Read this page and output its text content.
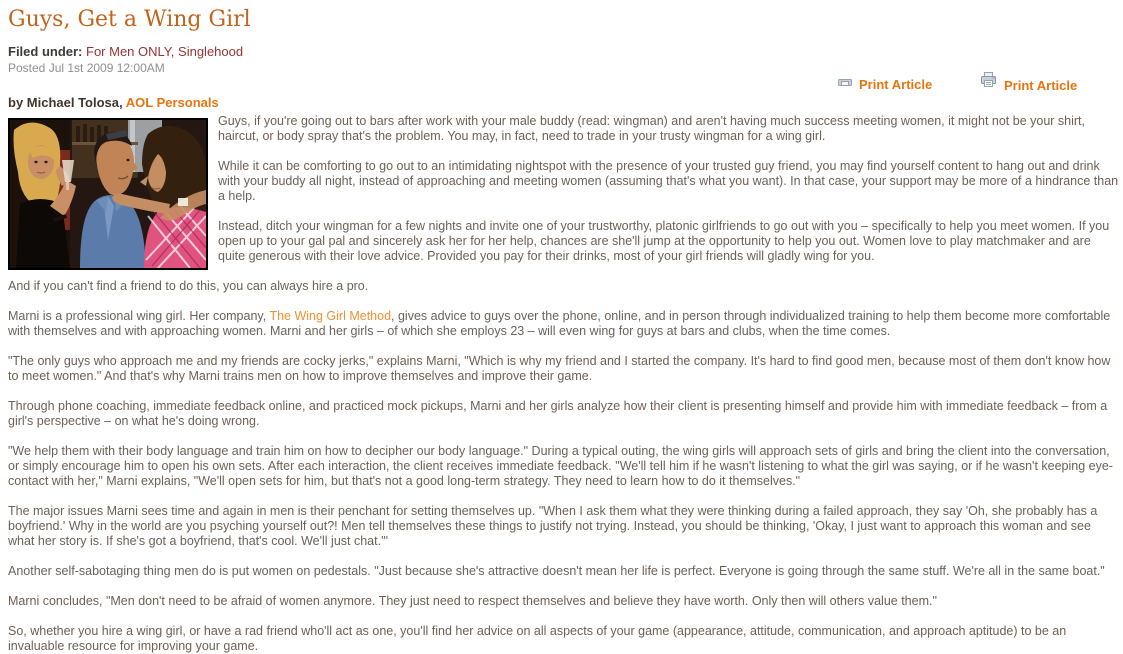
Guys, Get a Wing Girl
Filed under: For Men ONLY, Singlehood
Posted Jul 1st 2009 12:00AM
Print Article	Print Article
by Michael Tolosa, AOL Personals

Guys, if you're going out to bars after work with your male buddy (read: wingman) and aren't having much success meeting women, it might not be your shirt, haircut, or body spray that's the problem. You may, in fact, need to trade in your trusty wingman for a wing girl.

While it can be comforting to go out to an intimidating nightspot with the presence of your trusted guy friend, you may find yourself content to hang out and drink with your buddy all night, instead of approaching and meeting women (assuming that's what you want). In that case, your support may be more of a hindrance than a help.

Instead, ditch your wingman for a few nights and invite one of your trustworthy, platonic girlfriends to go out with you – specifically to help you meet women. If you open up to your gal pal and sincerely ask her for her help, chances are she'll jump at the opportunity to help you out. Women love to play matchmaker and are quite generous with their love advice. Provided you pay for their drinks, most of your girl friends will gladly wing for you.

And if you can't find a friend to do this, you can always hire a pro.

Marni is a professional wing girl. Her company, The Wing Girl Method, gives advice to guys over the phone, online, and in person through individualized training to help them become more comfortable with themselves and with approaching women. Marni and her girls – of which she employs 23 – will even wing for guys at bars and clubs, when the time comes.

"The only guys who approach me and my friends are cocky jerks," explains Marni, "Which is why my friend and I started the company. It's hard to find good men, because most of them don't know how to meet women." And that's why Marni trains men on how to improve themselves and improve their game.

Through phone coaching, immediate feedback online, and practiced mock pickups, Marni and her girls analyze how their client is presenting himself and provide him with immediate feedback – from a girl's perspective – on what he's doing wrong.

"We help them with their body language and train him on how to decipher our body language." During a typical outing, the wing girls will approach sets of girls and bring the client into the conversation, or simply encourage him to open his own sets. After each interaction, the client receives immediate feedback. "We'll tell him if he wasn't listening to what the girl was saying, or if he wasn't keeping eye-contact with her," Marni explains, "We'll open sets for him, but that's not a good long-term strategy. They need to learn how to do it themselves."

The major issues Marni sees time and again in men is their penchant for setting themselves up. "When I ask them what they were thinking during a failed approach, they say 'Oh, she probably has a boyfriend.' Why in the world are you psyching yourself out?! Men tell themselves these things to justify not trying. Instead, you should be thinking, 'Okay, I just want to approach this woman and see what her story is. If she's got a boyfriend, that's cool. We'll just chat.'"

Another self-sabotaging thing men do is put women on pedestals. "Just because she's attractive doesn't mean her life is perfect. Everyone is going through the same stuff. We're all in the same boat."

Marni concludes, "Men don't need to be afraid of women anymore. They just need to respect themselves and believe they have worth. Only then will others value them."

So, whether you hire a wing girl, or have a rad friend who'll act as one, you'll find her advice on all aspects of your game (appearance, attitude, communication, and approach aptitude) to be an invaluable resource for improving your game.
